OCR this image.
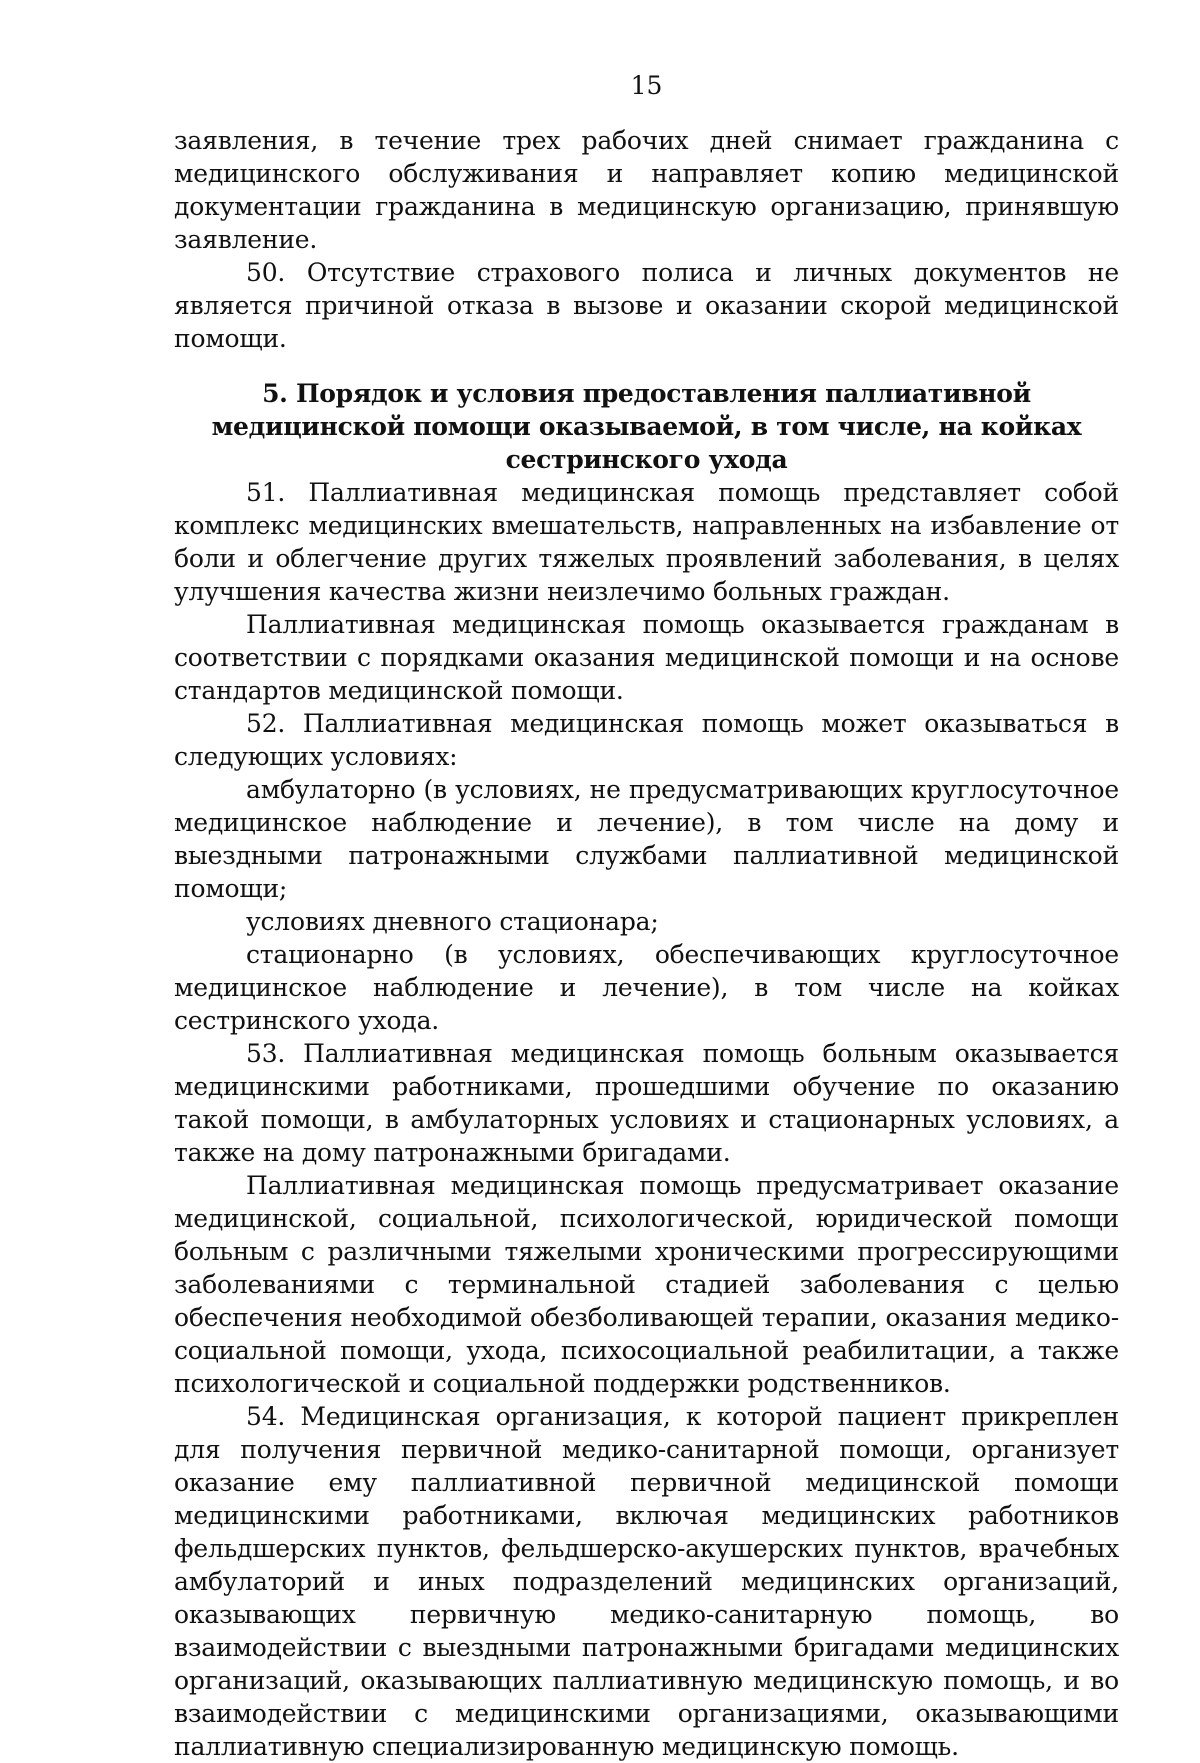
15

заявления, в течение трех рабочих дней снимает гражданина с медицинского обслуживания и направляет копию медицинской документации гражданина в медицинскую организацию, принявшую заявление.

50. Отсутствие страхового полиса и личных документов не является причиной отказа в вызове и оказании скорой медицинской помощи.

5. Порядок и условия предоставления паллиативной медицинской помощи оказываемой, в том числе, на койках сестринского ухода

51. Паллиативная медицинская помощь представляет собой комплекс медицинских вмешательств, направленных на избавление от боли и облегчение других тяжелых проявлений заболевания, в целях улучшения качества жизни неизлечимо больных граждан.

Паллиативная медицинская помощь оказывается гражданам в соответствии с порядками оказания медицинской помощи и на основе стандартов медицинской помощи.

52. Паллиативная медицинская помощь может оказываться в следующих условиях:

амбулаторно (в условиях, не предусматривающих круглосуточное медицинское наблюдение и лечение), в том числе на дому и выездными патронажными службами паллиативной медицинской помощи;

условиях дневного стационара;

стационарно (в условиях, обеспечивающих круглосуточное медицинское наблюдение и лечение), в том числе на койках сестринского ухода.

53. Паллиативная медицинская помощь больным оказывается медицинскими работниками, прошедшими обучение по оказанию такой помощи, в амбулаторных условиях и стационарных условиях, а также на дому патронажными бригадами.

Паллиативная медицинская помощь предусматривает оказание медицинской, социальной, психологической, юридической помощи больным с различными тяжелыми хроническими прогрессирующими заболеваниями с терминальной стадией заболевания с целью обеспечения необходимой обезболивающей терапии, оказания медико-социальной помощи, ухода, психосоциальной реабилитации, а также психологической и социальной поддержки родственников.

54. Медицинская организация, к которой пациент прикреплен для получения первичной медико-санитарной помощи, организует оказание ему паллиативной первичной медицинской помощи медицинскими работниками, включая медицинских работников фельдшерских пунктов, фельдшерско-акушерских пунктов, врачебных амбулаторий и иных подразделений медицинских организаций, оказывающих первичную медико-санитарную помощь, во взаимодействии с выездными патронажными бригадами медицинских организаций, оказывающих паллиативную медицинскую помощь, и во взаимодействии с медицинскими организациями, оказывающими паллиативную специализированную медицинскую помощь.
